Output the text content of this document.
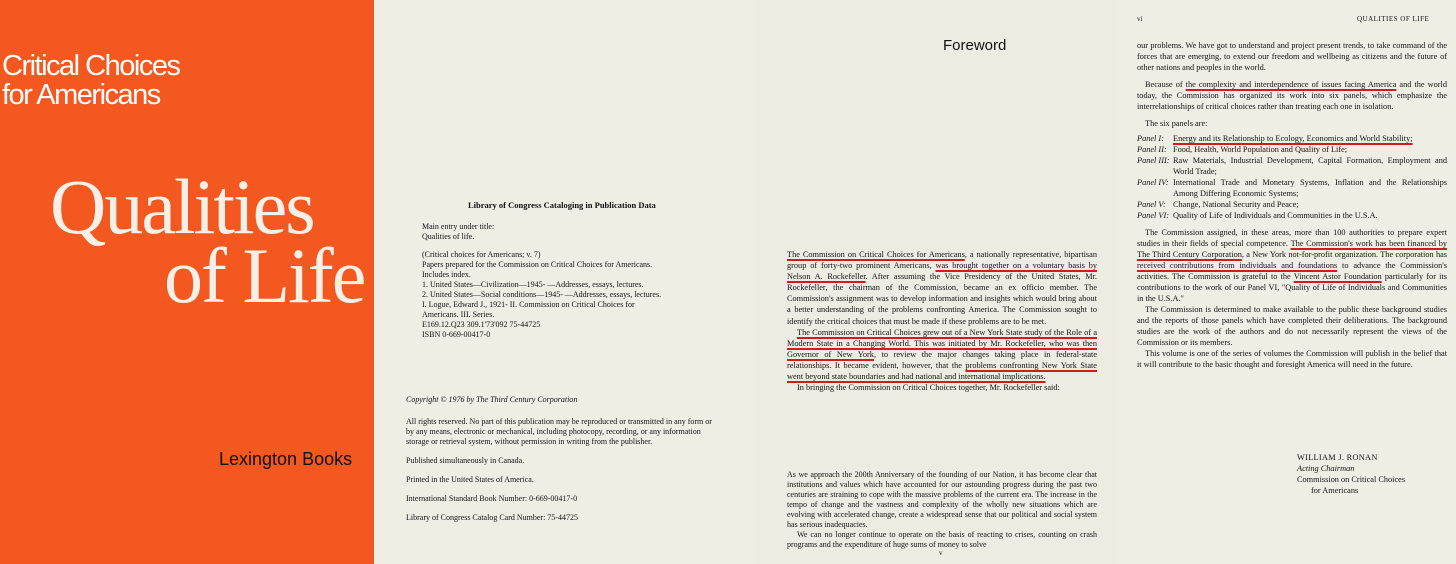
Critical Choices
for Americans
Qualities
of Life
Lexington Books
Library of Congress Cataloging in Publication Data
Main entry under title:
Qualities of life.
(Critical choices for Americans; v. 7)
Papers prepared for the Commission on Critical Choices for Americans.
Includes index.
1. United States—Civilization—1945- —Addresses, essays, lectures.
2. United States—Social conditions—1945- —Addresses, essays, lectures.
I. Logue, Edward J., 1921- II. Commission on Critical Choices for
Americans. III. Series.
E169.12.Q23 309.1'73'092 75-44725
ISBN 0-669-00417-0

Copyright © 1976 by The Third Century Corporation

All rights reserved. No part of this publication may be reproduced or transmitted in any form or by any means, electronic or mechanical, including photocopy, recording, or any information storage or retrieval system, without permission in writing from the publisher.

Published simultaneously in Canada.

Printed in the United States of America.

International Standard Book Number: 0-669-00417-0

Library of Congress Catalog Card Number: 75-44725

Foreword

The Commission on Critical Choices for Americans, a nationally representative, bipartisan group of forty-two prominent Americans, was brought together on a voluntary basis by Nelson A. Rockefeller. After assuming the Vice Presidency of the United States, Mr. Rockefeller, the chairman of the Commission, became an ex officio member. The Commission's assignment was to develop information and insights which would bring about a better understanding of the problems confronting America. The Commission sought to identify the critical choices that must be made if these problems are to be met.

The Commission on Critical Choices grew out of a New York State study of the Role of a Modern State in a Changing World. This was initiated by Mr. Rockefeller, who was then Governor of New York, to review the major changes taking place in federal-state relationships. It became evident, however, that the problems confronting New York State went beyond state boundaries and had national and international implications.

In bringing the Commission on Critical Choices together, Mr. Rockefeller said:

As we approach the 200th Anniversary of the founding of our Nation, it has become clear that institutions and values which have accounted for our astounding progress during the past two centuries are straining to cope with the massive problems of the current era. The increase in the tempo of change and the vastness and complexity of the wholly new situations which are evolving with accelerated change, create a widespread sense that our political and social system has serious inadequacies.

We can no longer continue to operate on the basis of reacting to crises, counting on crash programs and the expenditure of huge sums of money to solve

v
vi	QUALITIES OF LIFE

our problems. We have got to understand and project present trends, to take command of the forces that are emerging, to extend our freedom and wellbeing as citizens and the future of other nations and peoples in the world.

Because of the complexity and interdependence of issues facing America and the world today, the Commission has organized its work into six panels, which emphasize the interrelationships of critical choices rather than treating each one in isolation.

The six panels are:

Panel I:	Energy and its Relationship to Ecology, Economics and World Stability;
Panel II: Food, Health, World Population and Quality of Life;
Panel III: Raw Materials, Industrial Development, Capital Formation, Employment and World Trade;
Panel IV: International Trade and Monetary Systems, Inflation and the Relationships Among Differing Economic Systems;
Panel V: Change, National Security and Peace;
Panel VI: Quality of Life of Individuals and Communities in the U.S.A.

The Commission assigned, in these areas, more than 100 authorities to prepare expert studies in their fields of special competence. The Commission's work has been financed by The Third Century Corporation, a New York not-for-profit organization. The corporation has received contributions from individuals and foundations to advance the Commission's activities. The Commission is grateful to the Vincent Astor Foundation particularly for its contributions to the work of our Panel VI, "Quality of Life of Individuals and Communities in the U.S.A."

The Commission is determined to make available to the public these background studies and the reports of those panels which have completed their deliberations. The background studies are the work of the authors and do not necessarily represent the views of the Commission or its members.

This volume is one of the series of volumes the Commission will publish in the belief that it will contribute to the basic thought and foresight America will need in the future.

WILLIAM J. RONAN
Acting Chairman
Commission on Critical Choices
for Americans
